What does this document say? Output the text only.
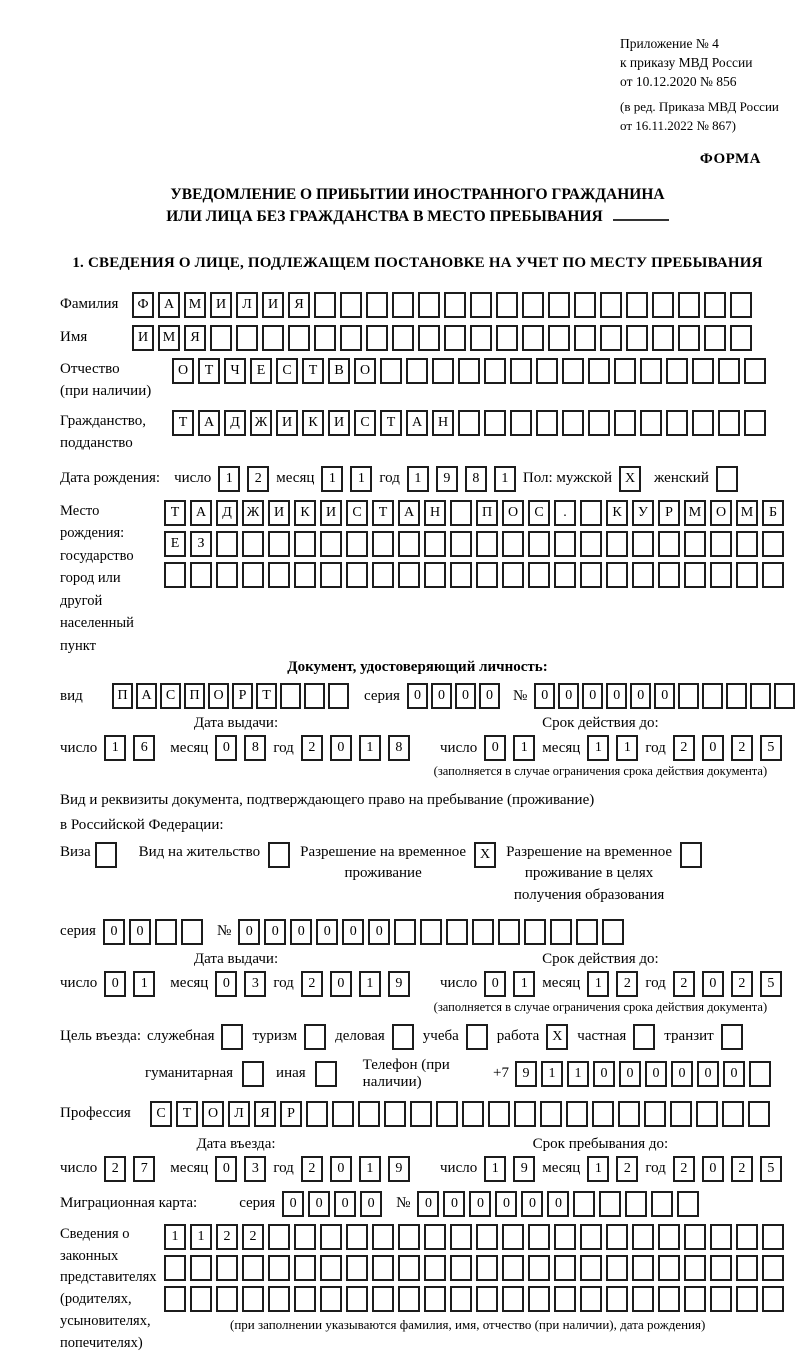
Приложение № 4
к приказу МВД России
от 10.12.2020 № 856
(в ред. Приказа МВД России
от 16.11.2022 № 867)
ФОРМА
УВЕДОМЛЕНИЕ О ПРИБЫТИИ ИНОСТРАННОГО ГРАЖДАНИНА
ИЛИ ЛИЦА БЕЗ ГРАЖДАНСТВА В МЕСТО ПРЕБЫВАНИЯ
1. СВЕДЕНИЯ О ЛИЦЕ, ПОДЛЕЖАЩЕМ ПОСТАНОВКЕ НА УЧЕТ ПО МЕСТУ ПРЕБЫВАНИЯ
Фамилия	Ф	А	М	И	Л	И	Я
Имя	И	М	Я
Отчество
(при наличии)
О	Т	Ч	Е	С	Т	В	О
Гражданство,
подданство
Т	А	Д	Ж	И	К	И	С	Т	А	Н
Дата рождения: число	1	2 месяц	1	1 год	1	9	8	1 Пол: мужской X	женский
Место рождения:
государство
город или другой
населенный пункт
Т	А	Д	Ж	И	К	И	С	Т	А	Н	П	О	С	.	К	У	Р	М	О	М	Б
Е	З
Документ, удостоверяющий личность:
вид	П А	С	П О	Р	Т	серия	0	0	0	0	№	0	0	0	0	0	0
Дата выдачи:
число	1	6	месяц	0	8 год	2	0	1	8
Срок действия до:
число	0	1 месяц	1	1 год	2	0	2	5
(заполняется в случае ограничения срока действия документа)
Вид и реквизиты документа, подтверждающего право на пребывание (проживание)
в Российской Федерации:
Виза	Вид на жительство	Разрешение на временное
проживание
X	Разрешение на временное
проживание в целях
получения образования
серия	0	0	№	0	0	0	0	0	0
Дата выдачи:
число	0	1	месяц	0	3 год	2	0	1	9
Срок действия до:
число	0	1 месяц	1	2 год	2	0	2	5
(заполняется в случае ограничения срока действия документа)
Цель въезда: служебная	туризм	деловая	учеба	работа X частная	транзит
гуманитарная	иная
Телефон (при наличии)
+7 9	1	1	0	0	0	0	0	0
Профессия	С	Т	О	Л	Я	Р
Дата въезда:
число	2	7	месяц	0	3 год	2	0	1	9
Срок пребывания до:
число	1	9 месяц	1	2 год	2	0	2	5
Миграционная карта:	серия	0	0	0	0	№	0	0	0	0	0	0
Сведения о
законных
представителях
(родителях,
усыновителях,
попечителях)
1	1	2	2
(при заполнении указываются фамилия, имя, отчество (при наличии), дата рождения)
